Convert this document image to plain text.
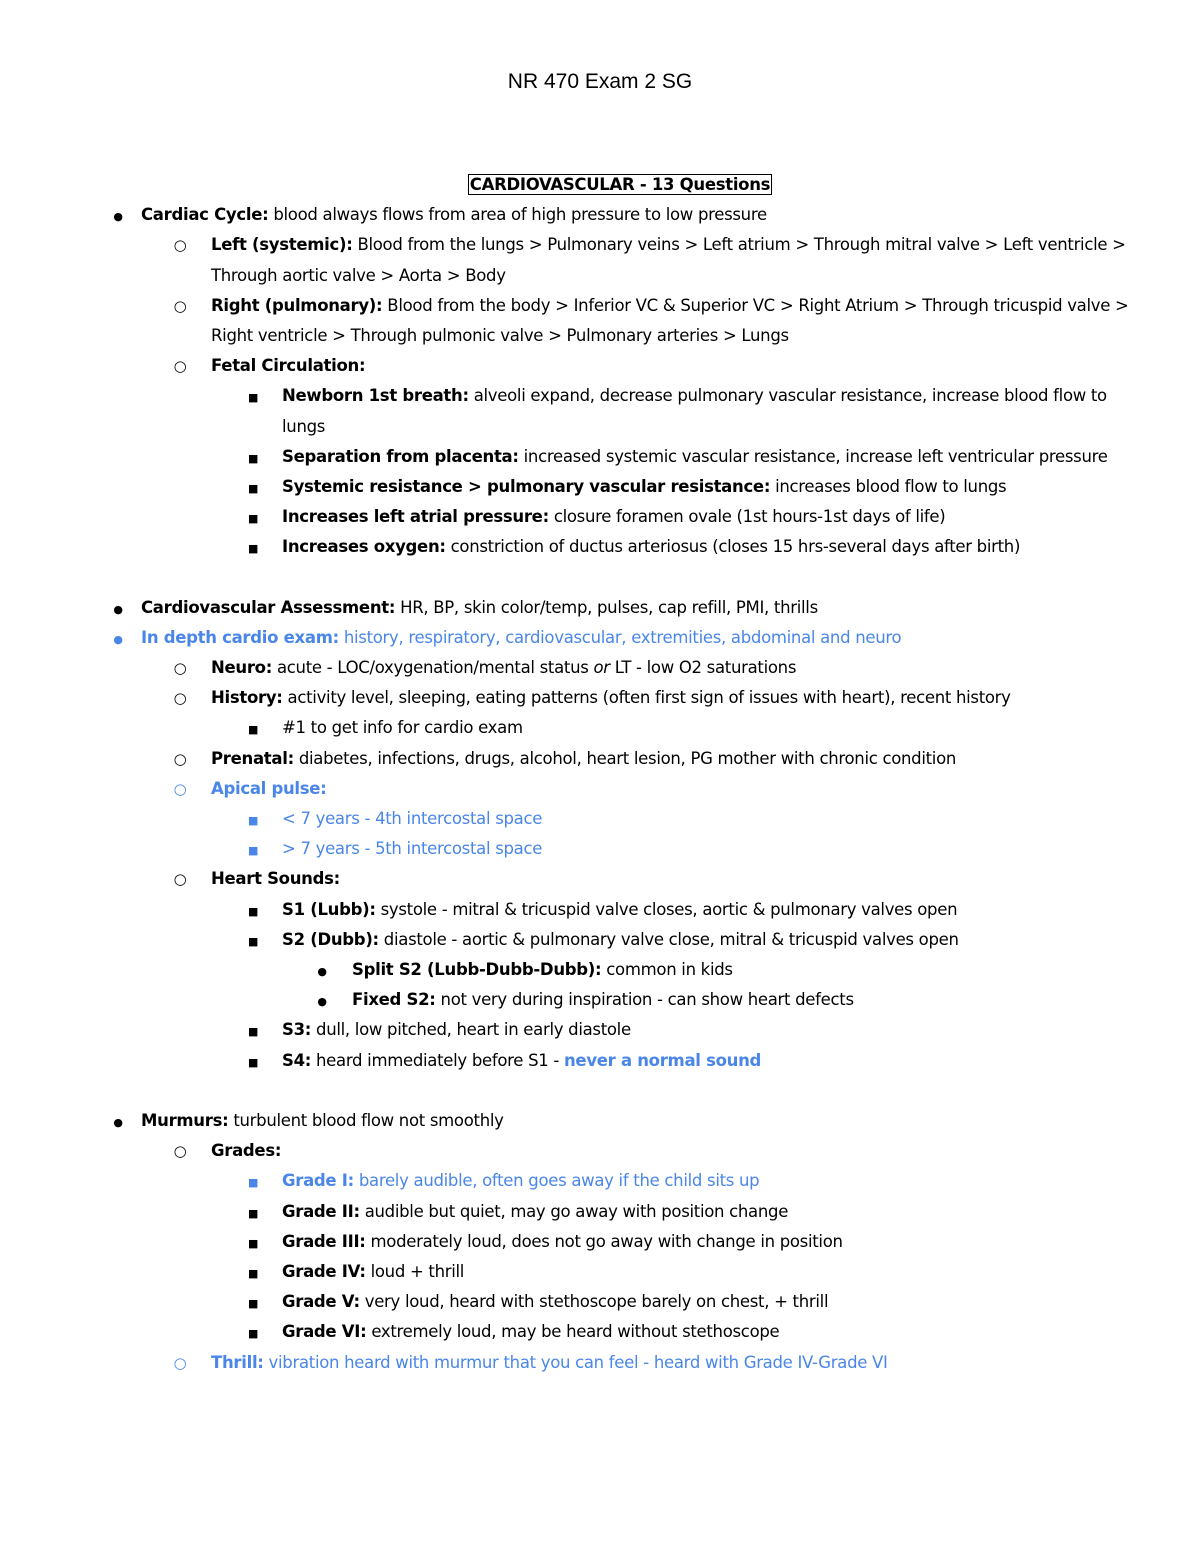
NR 470 Exam 2 SG
CARDIOVASCULAR - 13 Questions
●
Cardiac Cycle: blood always flows from area of high pressure to low pressure
○
Left (systemic): Blood from the lungs > Pulmonary veins > Left atrium > Through mitral valve > Left ventricle > Through aortic valve > Aorta > Body
○
Right (pulmonary): Blood from the body > Inferior VC & Superior VC > Right Atrium > Through tricuspid valve > Right ventricle > Through pulmonic valve > Pulmonary arteries > Lungs
○
Fetal Circulation:
■
Newborn 1st breath: alveoli expand, decrease pulmonary vascular resistance, increase blood flow to lungs
■
Separation from placenta: increased systemic vascular resistance, increase left ventricular pressure
■
Systemic resistance > pulmonary vascular resistance: increases blood flow to lungs
■
Increases left atrial pressure: closure foramen ovale (1st hours-1st days of life)
■
Increases oxygen: constriction of ductus arteriosus (closes 15 hrs-several days after birth)
●
Cardiovascular Assessment: HR, BP, skin color/temp, pulses, cap refill, PMI, thrills
●
In depth cardio exam: history, respiratory, cardiovascular, extremities, abdominal and neuro
○
Neuro: acute - LOC/oxygenation/mental status or LT - low O2 saturations
○
History: activity level, sleeping, eating patterns (often first sign of issues with heart), recent history
■
#1 to get info for cardio exam
○
Prenatal: diabetes, infections, drugs, alcohol, heart lesion, PG mother with chronic condition
○
Apical pulse:
■
< 7 years - 4th intercostal space
■
> 7 years - 5th intercostal space
○
Heart Sounds:
■
S1 (Lubb): systole - mitral & tricuspid valve closes, aortic & pulmonary valves open
■
S2 (Dubb): diastole - aortic & pulmonary valve close, mitral & tricuspid valves open
●
Split S2 (Lubb-Dubb-Dubb): common in kids
●
Fixed S2: not very during inspiration - can show heart defects
■
S3: dull, low pitched, heart in early diastole
■
S4: heard immediately before S1 - never a normal sound
●
Murmurs: turbulent blood flow not smoothly
○
Grades:
■
Grade I: barely audible, often goes away if the child sits up
■
Grade II: audible but quiet, may go away with position change
■
Grade III: moderately loud, does not go away with change in position
■
Grade IV: loud + thrill
■
Grade V: very loud, heard with stethoscope barely on chest, + thrill
■
Grade VI: extremely loud, may be heard without stethoscope
○
Thrill: vibration heard with murmur that you can feel - heard with Grade IV-Grade VI
